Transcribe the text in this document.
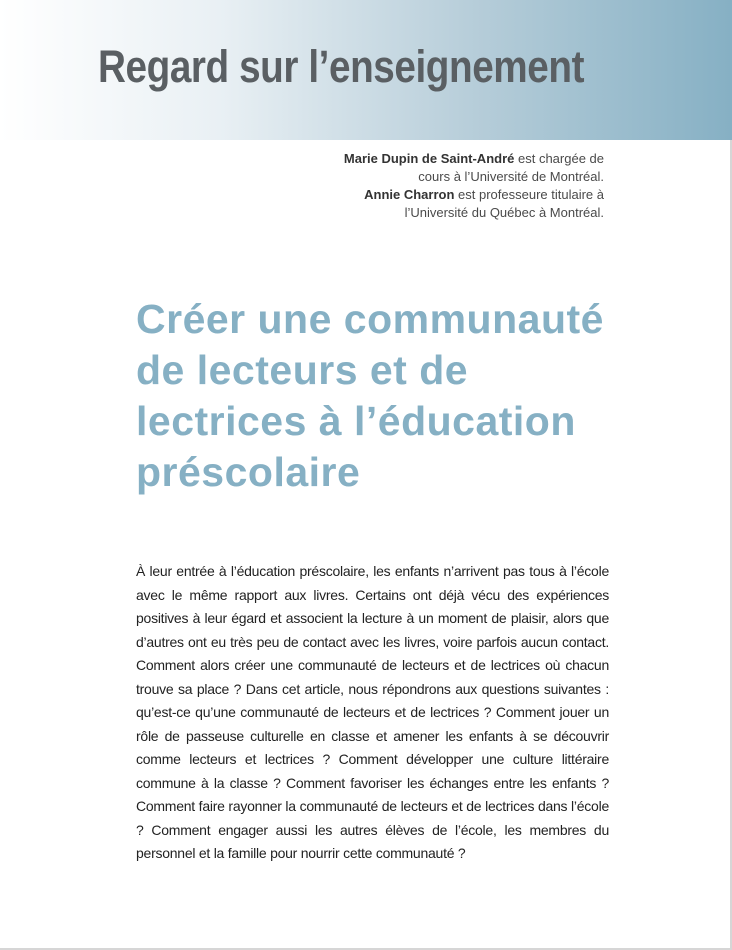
Regard sur l’enseignement
Marie Dupin de Saint-André est chargée de
cours à l’Université de Montréal.
Annie Charron est professeure titulaire à
l’Université du Québec à Montréal.
Créer une communauté
de lecteurs et de
lectrices à l’éducation
préscolaire

À leur entrée à l’éducation préscolaire, les enfants n’arrivent pas tous à l’école avec le même rapport aux livres. Certains ont déjà vécu des expériences positives à leur égard et associent la lecture à un moment de plaisir, alors que d’autres ont eu très peu de contact avec les livres, voire parfois aucun contact. Comment alors créer une communauté de lecteurs et de lectrices où chacun trouve sa place ? Dans cet article, nous répondrons aux questions suivantes : qu’est-ce qu’une communauté de lecteurs et de lectrices ? Comment jouer un rôle de passeuse culturelle en classe et amener les enfants à se découvrir comme lecteurs et lectrices ? Comment développer une culture littéraire commune à la classe ? Comment favoriser les échanges entre les enfants ? Comment faire rayonner la communauté de lecteurs et de lectrices dans l’école ? Comment engager aussi les autres élèves de l’école, les membres du personnel et la famille pour nourrir cette communauté ?
